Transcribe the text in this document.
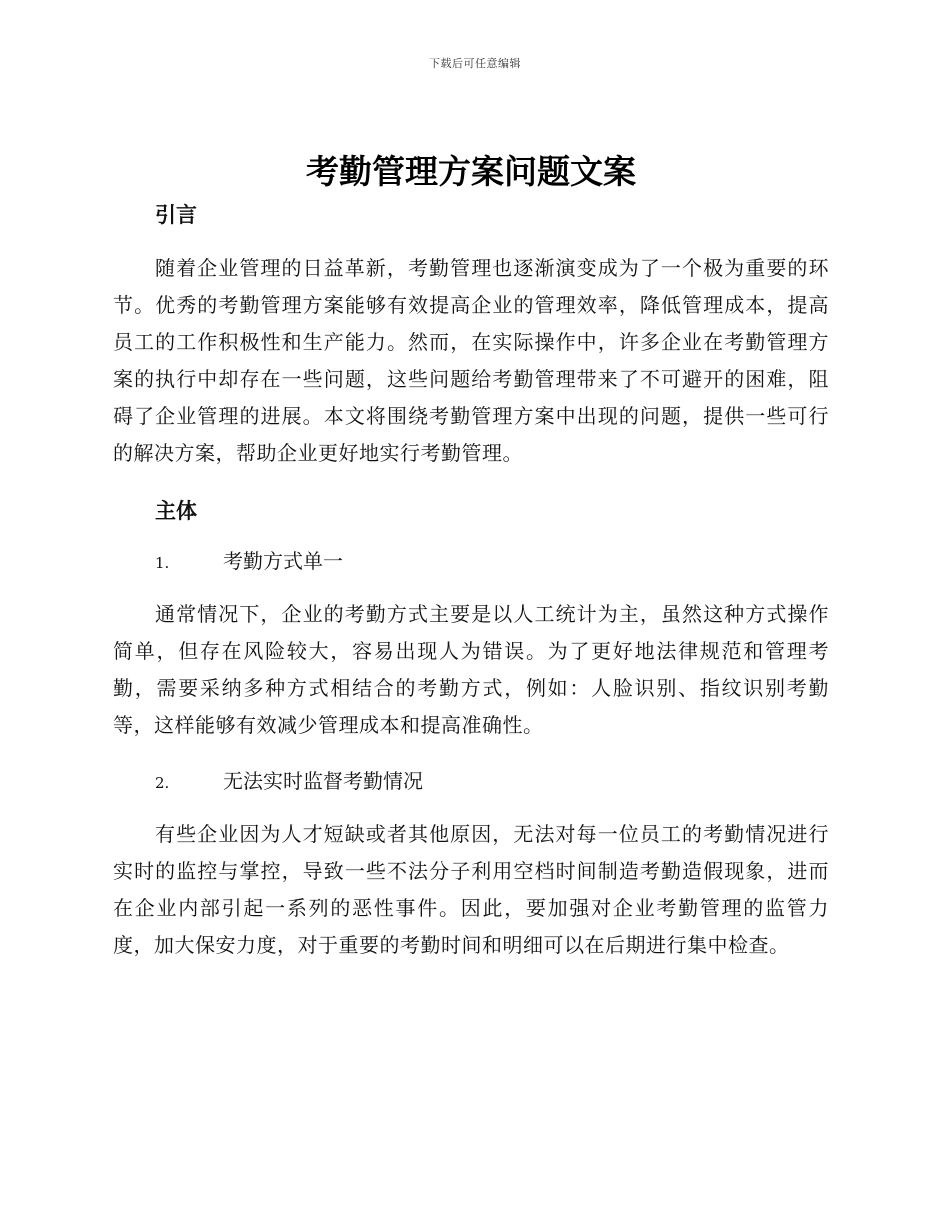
下载后可任意编辑
考勤管理方案问题文案
引言

随着企业管理的日益革新，考勤管理也逐渐演变成为了一个极为重要的环节。优秀的考勤管理方案能够有效提高企业的管理效率，降低管理成本，提高员工的工作积极性和生产能力。然而，在实际操作中，许多企业在考勤管理方案的执行中却存在一些问题，这些问题给考勤管理带来了不可避开的困难，阻碍了企业管理的进展。本文将围绕考勤管理方案中出现的问题，提供一些可行的解决方案，帮助企业更好地实行考勤管理。

主体
1.	考勤方式单一

通常情况下，企业的考勤方式主要是以人工统计为主，虽然这种方式操作简单，但存在风险较大，容易出现人为错误。为了更好地法律规范和管理考勤，需要采纳多种方式相结合的考勤方式，例如：人脸识别、指纹识别考勤等，这样能够有效减少管理成本和提高准确性。

2.	无法实时监督考勤情况

有些企业因为人才短缺或者其他原因，无法对每一位员工的考勤情况进行实时的监控与掌控，导致一些不法分子利用空档时间制造考勤造假现象，进而在企业内部引起一系列的恶性事件。因此，要加强对企业考勤管理的监管力度，加大保安力度，对于重要的考勤时间和明细可以在后期进行集中检查。
